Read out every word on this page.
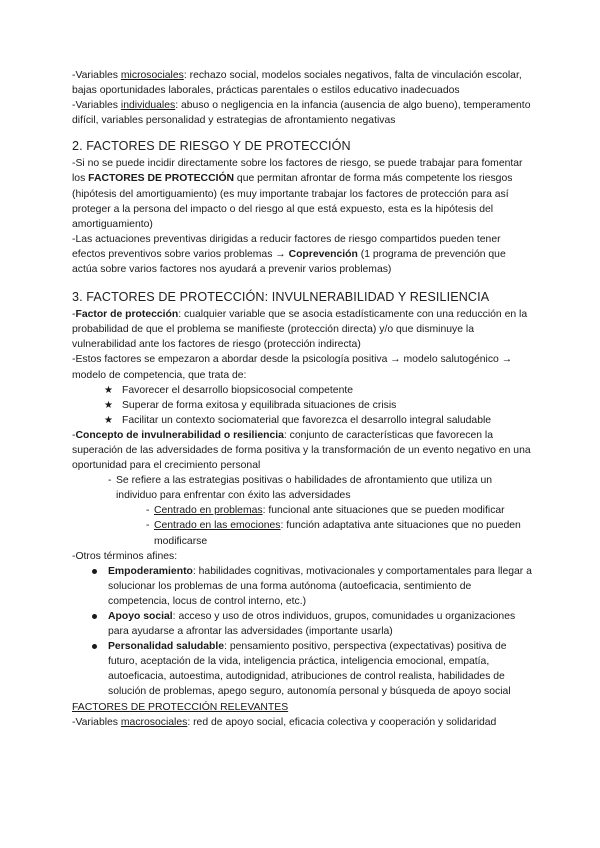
-Variables microsociales: rechazo social, modelos sociales negativos, falta de vinculación escolar, bajas oportunidades laborales, prácticas parentales o estilos educativo inadecuados

-Variables individuales: abuso o negligencia en la infancia (ausencia de algo bueno), temperamento difícil, variables personalidad y estrategias de afrontamiento negativas

2. FACTORES DE RIESGO Y DE PROTECCIÓN

-Si no se puede incidir directamente sobre los factores de riesgo, se puede trabajar para fomentar los FACTORES DE PROTECCIÓN que permitan afrontar de forma más competente los riesgos (hipótesis del amortiguamiento) (es muy importante trabajar los factores de protección para así proteger a la persona del impacto o del riesgo al que está expuesto, esta es la hipótesis del amortiguamiento)

-Las actuaciones preventivas dirigidas a reducir factores de riesgo compartidos pueden tener efectos preventivos sobre varios problemas → Coprevención (1 programa de prevención que actúa sobre varios factores nos ayudará a prevenir varios problemas)

3. FACTORES DE PROTECCIÓN: INVULNERABILIDAD Y RESILIENCIA

-Factor de protección: cualquier variable que se asocia estadísticamente con una reducción en la probabilidad de que el problema se manifieste (protección directa) y/o que disminuye la vulnerabilidad ante los factores de riesgo (protección indirecta)

-Estos factores se empezaron a abordar desde la psicología positiva → modelo salutogénico → modelo de competencia, que trata de:

★ Favorecer el desarrollo biopsicosocial competente
★ Superar de forma exitosa y equilibrada situaciones de crisis
★ Facilitar un contexto sociomaterial que favorezca el desarrollo integral saludable

-Concepto de invulnerabilidad o resiliencia: conjunto de características que favorecen la superación de las adversidades de forma positiva y la transformación de un evento negativo en una oportunidad para el crecimiento personal

- Se refiere a las estrategias positivas o habilidades de afrontamiento que utiliza un individuo para enfrentar con éxito las adversidades
- Centrado en problemas: funcional ante situaciones que se pueden modificar
- Centrado en las emociones: función adaptativa ante situaciones que no pueden modificarse

-Otros términos afines:

Empoderamiento: habilidades cognitivas, motivacionales y comportamentales para llegar a solucionar los problemas de una forma autónoma (autoeficacia, sentimiento de competencia, locus de control interno, etc.)
Apoyo social: acceso y uso de otros individuos, grupos, comunidades u organizaciones para ayudarse a afrontar las adversidades (importante usarla)
Personalidad saludable: pensamiento positivo, perspectiva (expectativas) positiva de futuro, aceptación de la vida, inteligencia práctica, inteligencia emocional, empatía, autoeficacia, autoestima, autodignidad, atribuciones de control realista, habilidades de solución de problemas, apego seguro, autonomía personal y búsqueda de apoyo social

FACTORES DE PROTECCIÓN RELEVANTES

-Variables macrosociales: red de apoyo social, eficacia colectiva y cooperación y solidaridad
